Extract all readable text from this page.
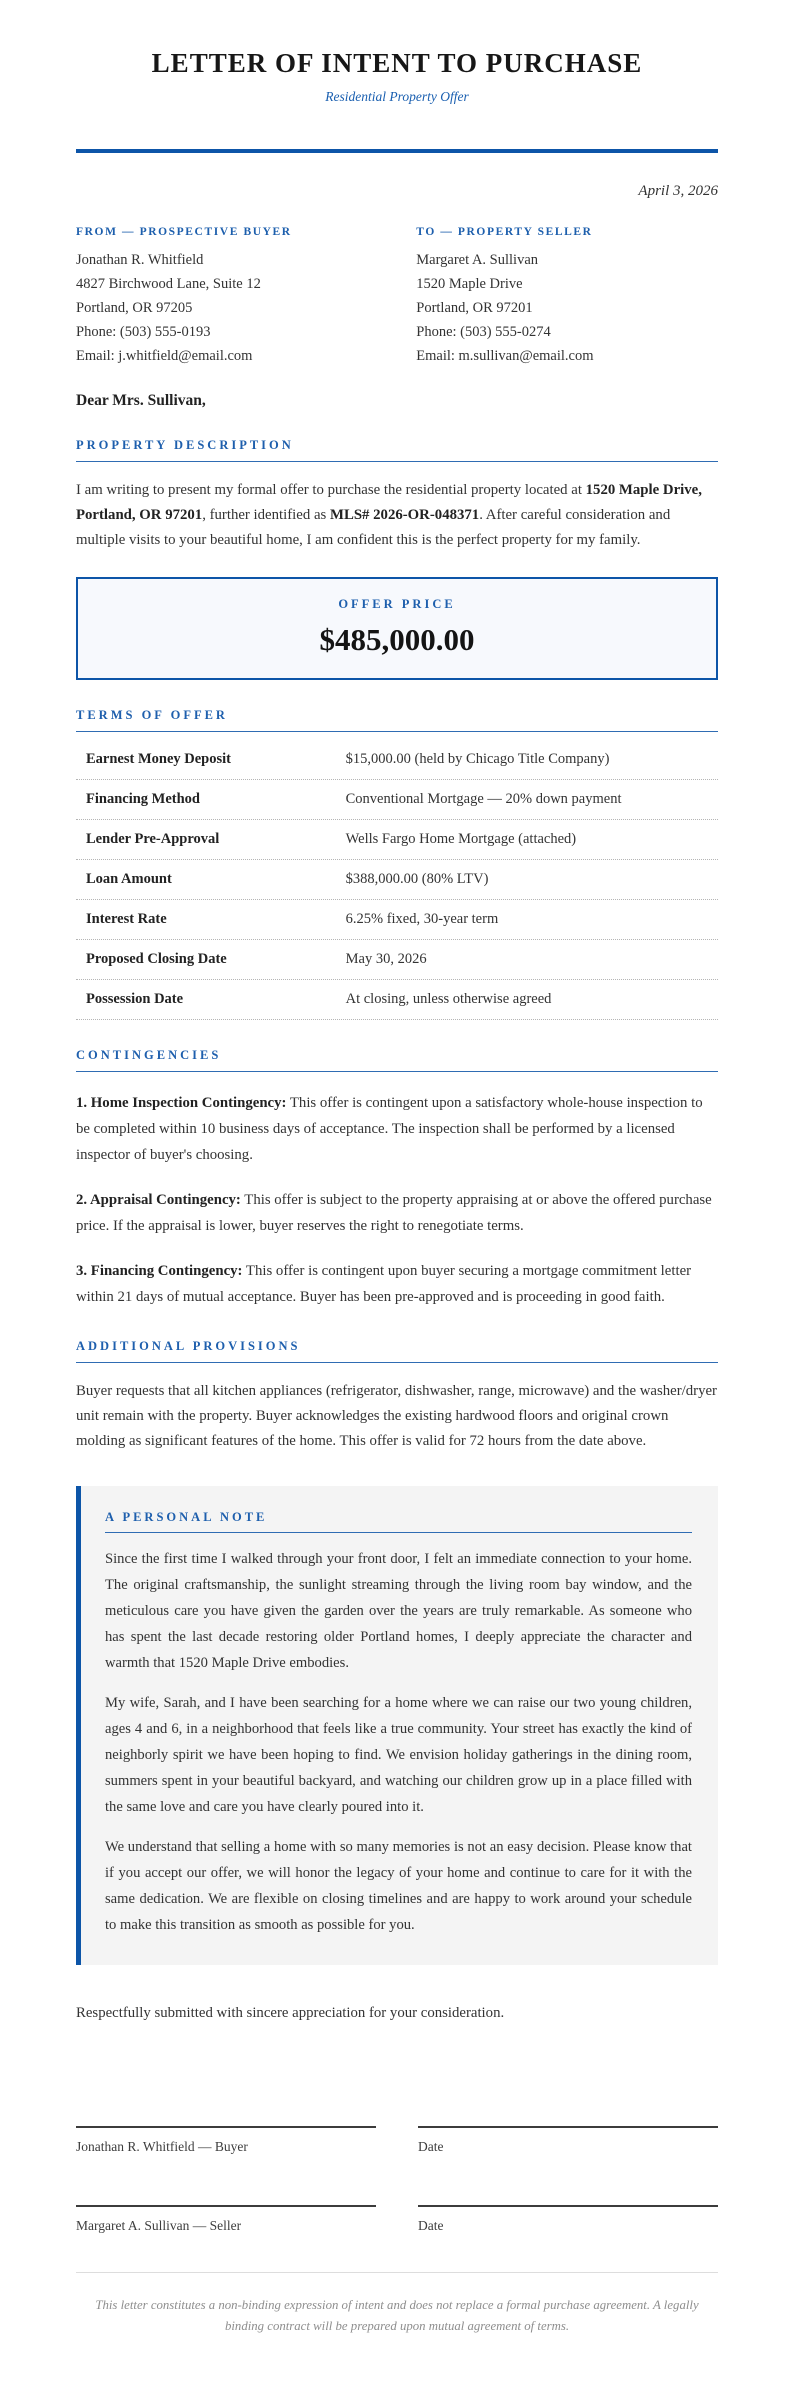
LETTER OF INTENT TO PURCHASE
Residential Property Offer
April 3, 2026
FROM — PROSPECTIVE BUYER
Jonathan R. Whitfield
4827 Birchwood Lane, Suite 12
Portland, OR 97205
Phone: (503) 555-0193
Email: j.whitfield@email.com
TO — PROPERTY SELLER
Margaret A. Sullivan
1520 Maple Drive
Portland, OR 97201
Phone: (503) 555-0274
Email: m.sullivan@email.com
Dear Mrs. Sullivan,
PROPERTY DESCRIPTION

I am writing to present my formal offer to purchase the residential property located at 1520 Maple Drive, Portland, OR 97201, further identified as MLS# 2026-OR-048371. After careful consideration and multiple visits to your beautiful home, I am confident this is the perfect property for my family.

OFFER PRICE
$485,000.00
TERMS OF OFFER
Earnest Money Deposit	$15,000.00 (held by Chicago Title Company)
Financing Method	Conventional Mortgage — 20% down payment
Lender Pre-Approval	Wells Fargo Home Mortgage (attached)
Loan Amount	$388,000.00 (80% LTV)
Interest Rate	6.25% fixed, 30-year term
Proposed Closing Date	May 30, 2026
Possession Date	At closing, unless otherwise agreed
CONTINGENCIES

1. Home Inspection Contingency: This offer is contingent upon a satisfactory whole-house inspection to be completed within 10 business days of acceptance. The inspection shall be performed by a licensed inspector of buyer's choosing.

2. Appraisal Contingency: This offer is subject to the property appraising at or above the offered purchase price. If the appraisal is lower, buyer reserves the right to renegotiate terms.

3. Financing Contingency: This offer is contingent upon buyer securing a mortgage commitment letter within 21 days of mutual acceptance. Buyer has been pre-approved and is proceeding in good faith.

ADDITIONAL PROVISIONS

Buyer requests that all kitchen appliances (refrigerator, dishwasher, range, microwave) and the washer/dryer unit remain with the property. Buyer acknowledges the existing hardwood floors and original crown molding as significant features of the home. This offer is valid for 72 hours from the date above.

A PERSONAL NOTE

Since the first time I walked through your front door, I felt an immediate connection to your home. The original craftsmanship, the sunlight streaming through the living room bay window, and the meticulous care you have given the garden over the years are truly remarkable. As someone who has spent the last decade restoring older Portland homes, I deeply appreciate the character and warmth that 1520 Maple Drive embodies.

My wife, Sarah, and I have been searching for a home where we can raise our two young children, ages 4 and 6, in a neighborhood that feels like a true community. Your street has exactly the kind of neighborly spirit we have been hoping to find. We envision holiday gatherings in the dining room, summers spent in your beautiful backyard, and watching our children grow up in a place filled with the same love and care you have clearly poured into it.

We understand that selling a home with so many memories is not an easy decision. Please know that if you accept our offer, we will honor the legacy of your home and continue to care for it with the same dedication. We are flexible on closing timelines and are happy to work around your schedule to make this transition as smooth as possible for you.

Respectfully submitted with sincere appreciation for your consideration.
Jonathan R. Whitfield — Buyer	Date
Margaret A. Sullivan — Seller	Date
This letter constitutes a non-binding expression of intent and does not replace a formal purchase agreement. A legally binding contract will be prepared upon mutual agreement of terms.
